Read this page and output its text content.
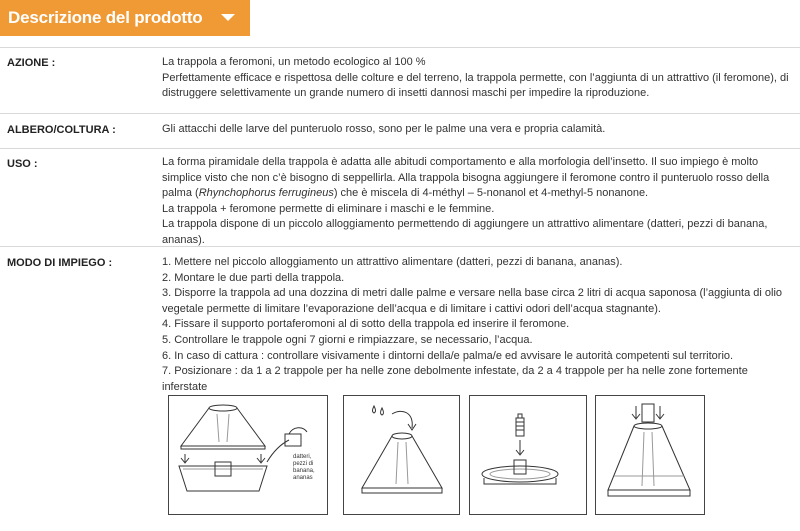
Descrizione del prodotto
AZIONE :	La trappola a feromoni, un metodo ecologico al 100 %

Perfettamente efficace e rispettosa delle colture e del terreno, la trappola permette, con l’aggiunta di un attrattivo (il feromone), di distruggere selettivamente un grande numero di insetti dannosi maschi per impedire la riproduzione.

ALBERO/COLTURA :	Gli attacchi delle larve del punteruolo rosso, sono per le palme una vera e propria calamità.

USO :	La forma piramidale della trappola è adatta alle abitudi comportamento e alla morfologia dell’insetto. Il suo impiego è molto simplice visto che non c’è bisogno di seppellirla. Alla trappola bisogna aggiungere il feromone contro il punteruolo rosso della palma (Rhynchophorus ferrugineus) che è miscela di 4-méthyl – 5-nonanol et 4-methyl-5 nonanone.

La trappola + feromone permette di eliminare i maschi e le femmine.

La trappola dispone di un piccolo alloggiamento permettendo di aggiungere un attrattivo alimentare (datteri, pezzi di banana, ananas).

MODO DI IMPIEGO :	1. Mettere nel piccolo alloggiamento un attrattivo alimentare (datteri, pezzi di banana, ananas).
2. Montare le due parti della trappola.
3. Disporre la trappola ad una dozzina di metri dalle palme e versare nella base circa 2 litri di acqua saponosa (l’aggiunta di olio vegetale permette di limitare l’evaporazione dell’acqua e di limitare i cattivi odori dell’acqua stagnante).
4. Fissare il supporto portaferomoni al di sotto della trappola ed inserire il feromone.
5. Controllare le trappole ogni 7 giorni e rimpiazzare, se necessario, l’acqua.
6. In caso di cattura : controllare visivamente i dintorni della/e palma/e ed avvisare le autorità competenti sul territorio.
7. Posizionare : da 1 a 2 trappole per ha nelle zone debolmente infestate, da 2 a 4 trappole per ha nelle zone fortemente inferstate
datteri,
pezzi di
banana,
ananas
